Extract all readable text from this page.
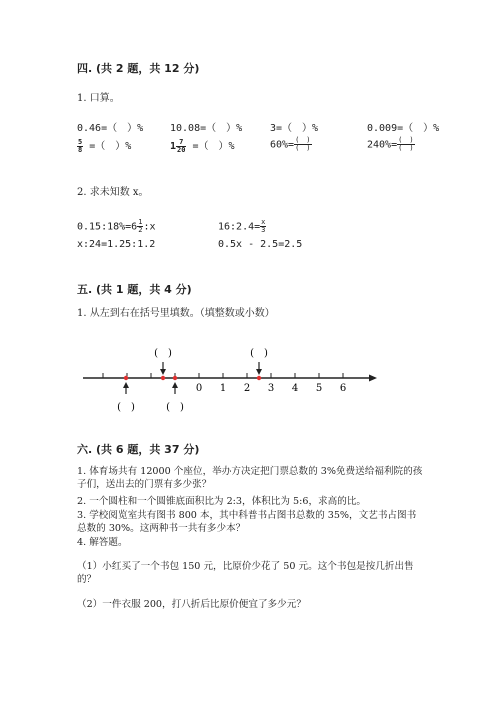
四. (共 2 题，共 12 分)
1. 口算。
0.46=（　）%	10.08=（　）%	3=（　）%	0.009=（　）%
$\frac{5}{8}$ =（　）%	$1 \frac{7}{20}$ =（　）%	$60\%= \frac{( )}{( )}$	$240\%= \frac{( )}{( )}$
2. 求未知数 x。
0.15:18%=6 $\frac{1}{2}$ :x	16:2.4= $\frac{x}{3}$
x:24=1.25:1.2	0.5x - 2.5=2.5
五. (共 1 题，共 4 分)
1. 从左到右在括号里填数。（填整数或小数）
0 1 2 3 4 5 6
(　)	(　)
(　)	(　)
六. (共 6 题，共 37 分)
1. 体育场共有 12000 个座位，举办方决定把门票总数的 3%免费送给福利院的孩子们，送出去的门票有多少张？
2. 一个圆柱和一个圆锥底面积比为 2:3，体积比为 5:6，求高的比。
3. 学校阅览室共有图书 800 本，其中科普书占图书总数的 35%，文艺书占图书总数的 30%。这两种书一共有多少本？
4. 解答题。
（1）小红买了一个书包 150 元，比原价少花了 50 元。这个书包是按几折出售的？
（2）一件衣服 200，打八折后比原价便宜了多少元？
